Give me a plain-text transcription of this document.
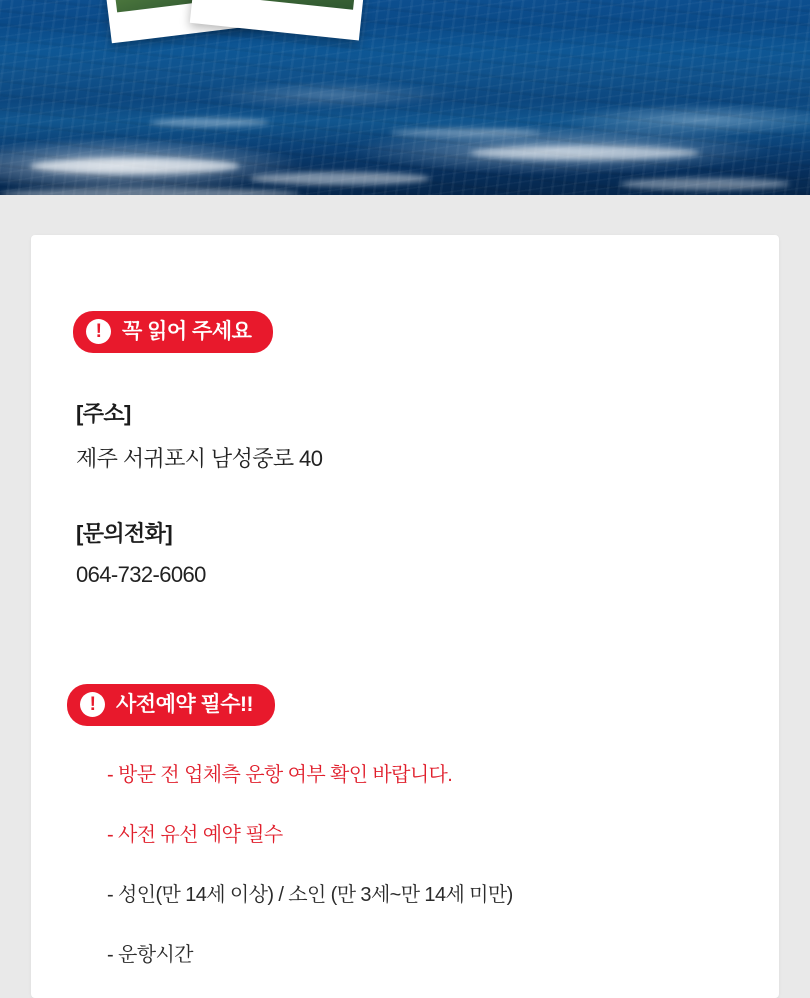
! 꼭 읽어 주세요
[주소]
제주 서귀포시 남성중로 40
[문의전화]
064-732-6060
! 사전예약 필수!!
- 방문 전 업체측 운항 여부 확인 바랍니다.
- 사전 유선 예약 필수
- 성인(만 14세 이상) / 소인 (만 3세~만 14세 미만)
- 운항시간
